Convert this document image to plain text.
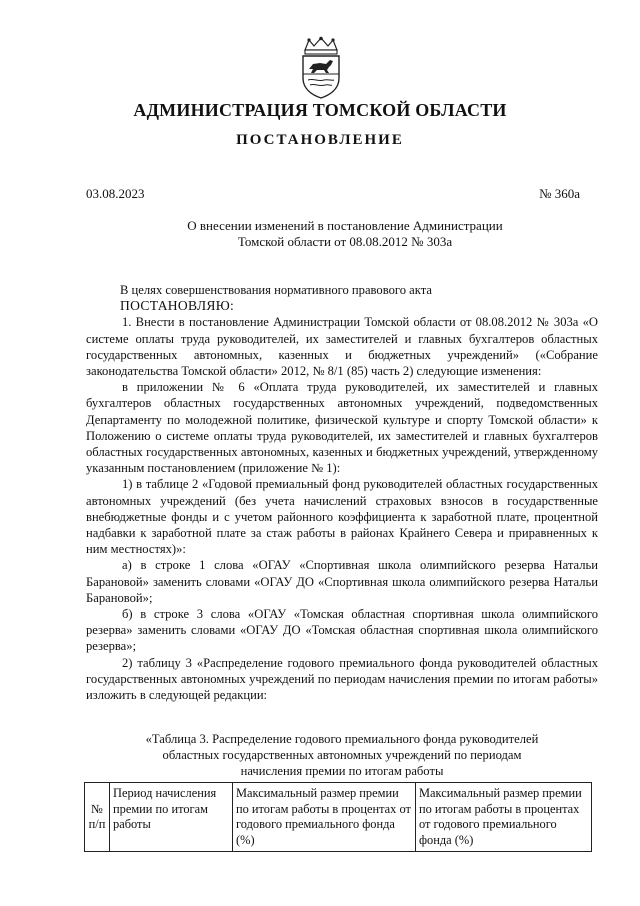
АДМИНИСТРАЦИЯ ТОМСКОЙ ОБЛАСТИ
ПОСТАНОВЛЕНИЕ
03.08.2023	№ 360а
О внесении изменений в постановление Администрации
Томской области от 08.08.2012 № 303а

В целях совершенствования нормативного правового акта

ПОСТАНОВЛЯЮ:

1. Внести в постановление Администрации Томской области от 08.08.2012 № 303а «О системе оплаты труда руководителей, их заместителей и главных бухгалтеров областных государственных автономных, казенных и бюджетных учреждений» («Собрание законодательства Томской области» 2012, № 8/1 (85) часть 2) следующие изменения:

в приложении № 6 «Оплата труда руководителей, их заместителей и главных бухгалтеров областных государственных автономных учреждений, подведомственных Департаменту по молодежной политике, физической культуре и спорту Томской области» к Положению о системе оплаты труда руководителей, их заместителей и главных бухгалтеров областных государственных автономных, казенных и бюджетных учреждений, утвержденному указанным постановлением (приложение № 1):

1) в таблице 2 «Годовой премиальный фонд руководителей областных государственных автономных учреждений (без учета начислений страховых взносов в государственные внебюджетные фонды и с учетом районного коэффициента к заработной плате, процентной надбавки к заработной плате за стаж работы в районах Крайнего Севера и приравненных к ним местностях)»:

а) в строке 1 слова «ОГАУ «Спортивная школа олимпийского резерва Натальи Барановой» заменить словами «ОГАУ ДО «Спортивная школа олимпийского резерва Натальи Барановой»;

б) в строке 3 слова «ОГАУ «Томская областная спортивная школа олимпийского резерва» заменить словами «ОГАУ ДО «Томская областная спортивная школа олимпийского резерва»;

2) таблицу 3 «Распределение годового премиального фонда руководителей областных государственных автономных учреждений по периодам начисления премии по итогам работы» изложить в следующей редакции:

«Таблица 3. Распределение годового премиального фонда руководителей
областных государственных автономных учреждений по периодам
начисления премии по итогам работы
№ п/п	Период начисления премии по итогам работы	Максимальный размер премии по итогам работы в процентах от годового премиального фонда (%)	Максимальный размер премии по итогам работы в процентах от годового премиального фонда (%)
